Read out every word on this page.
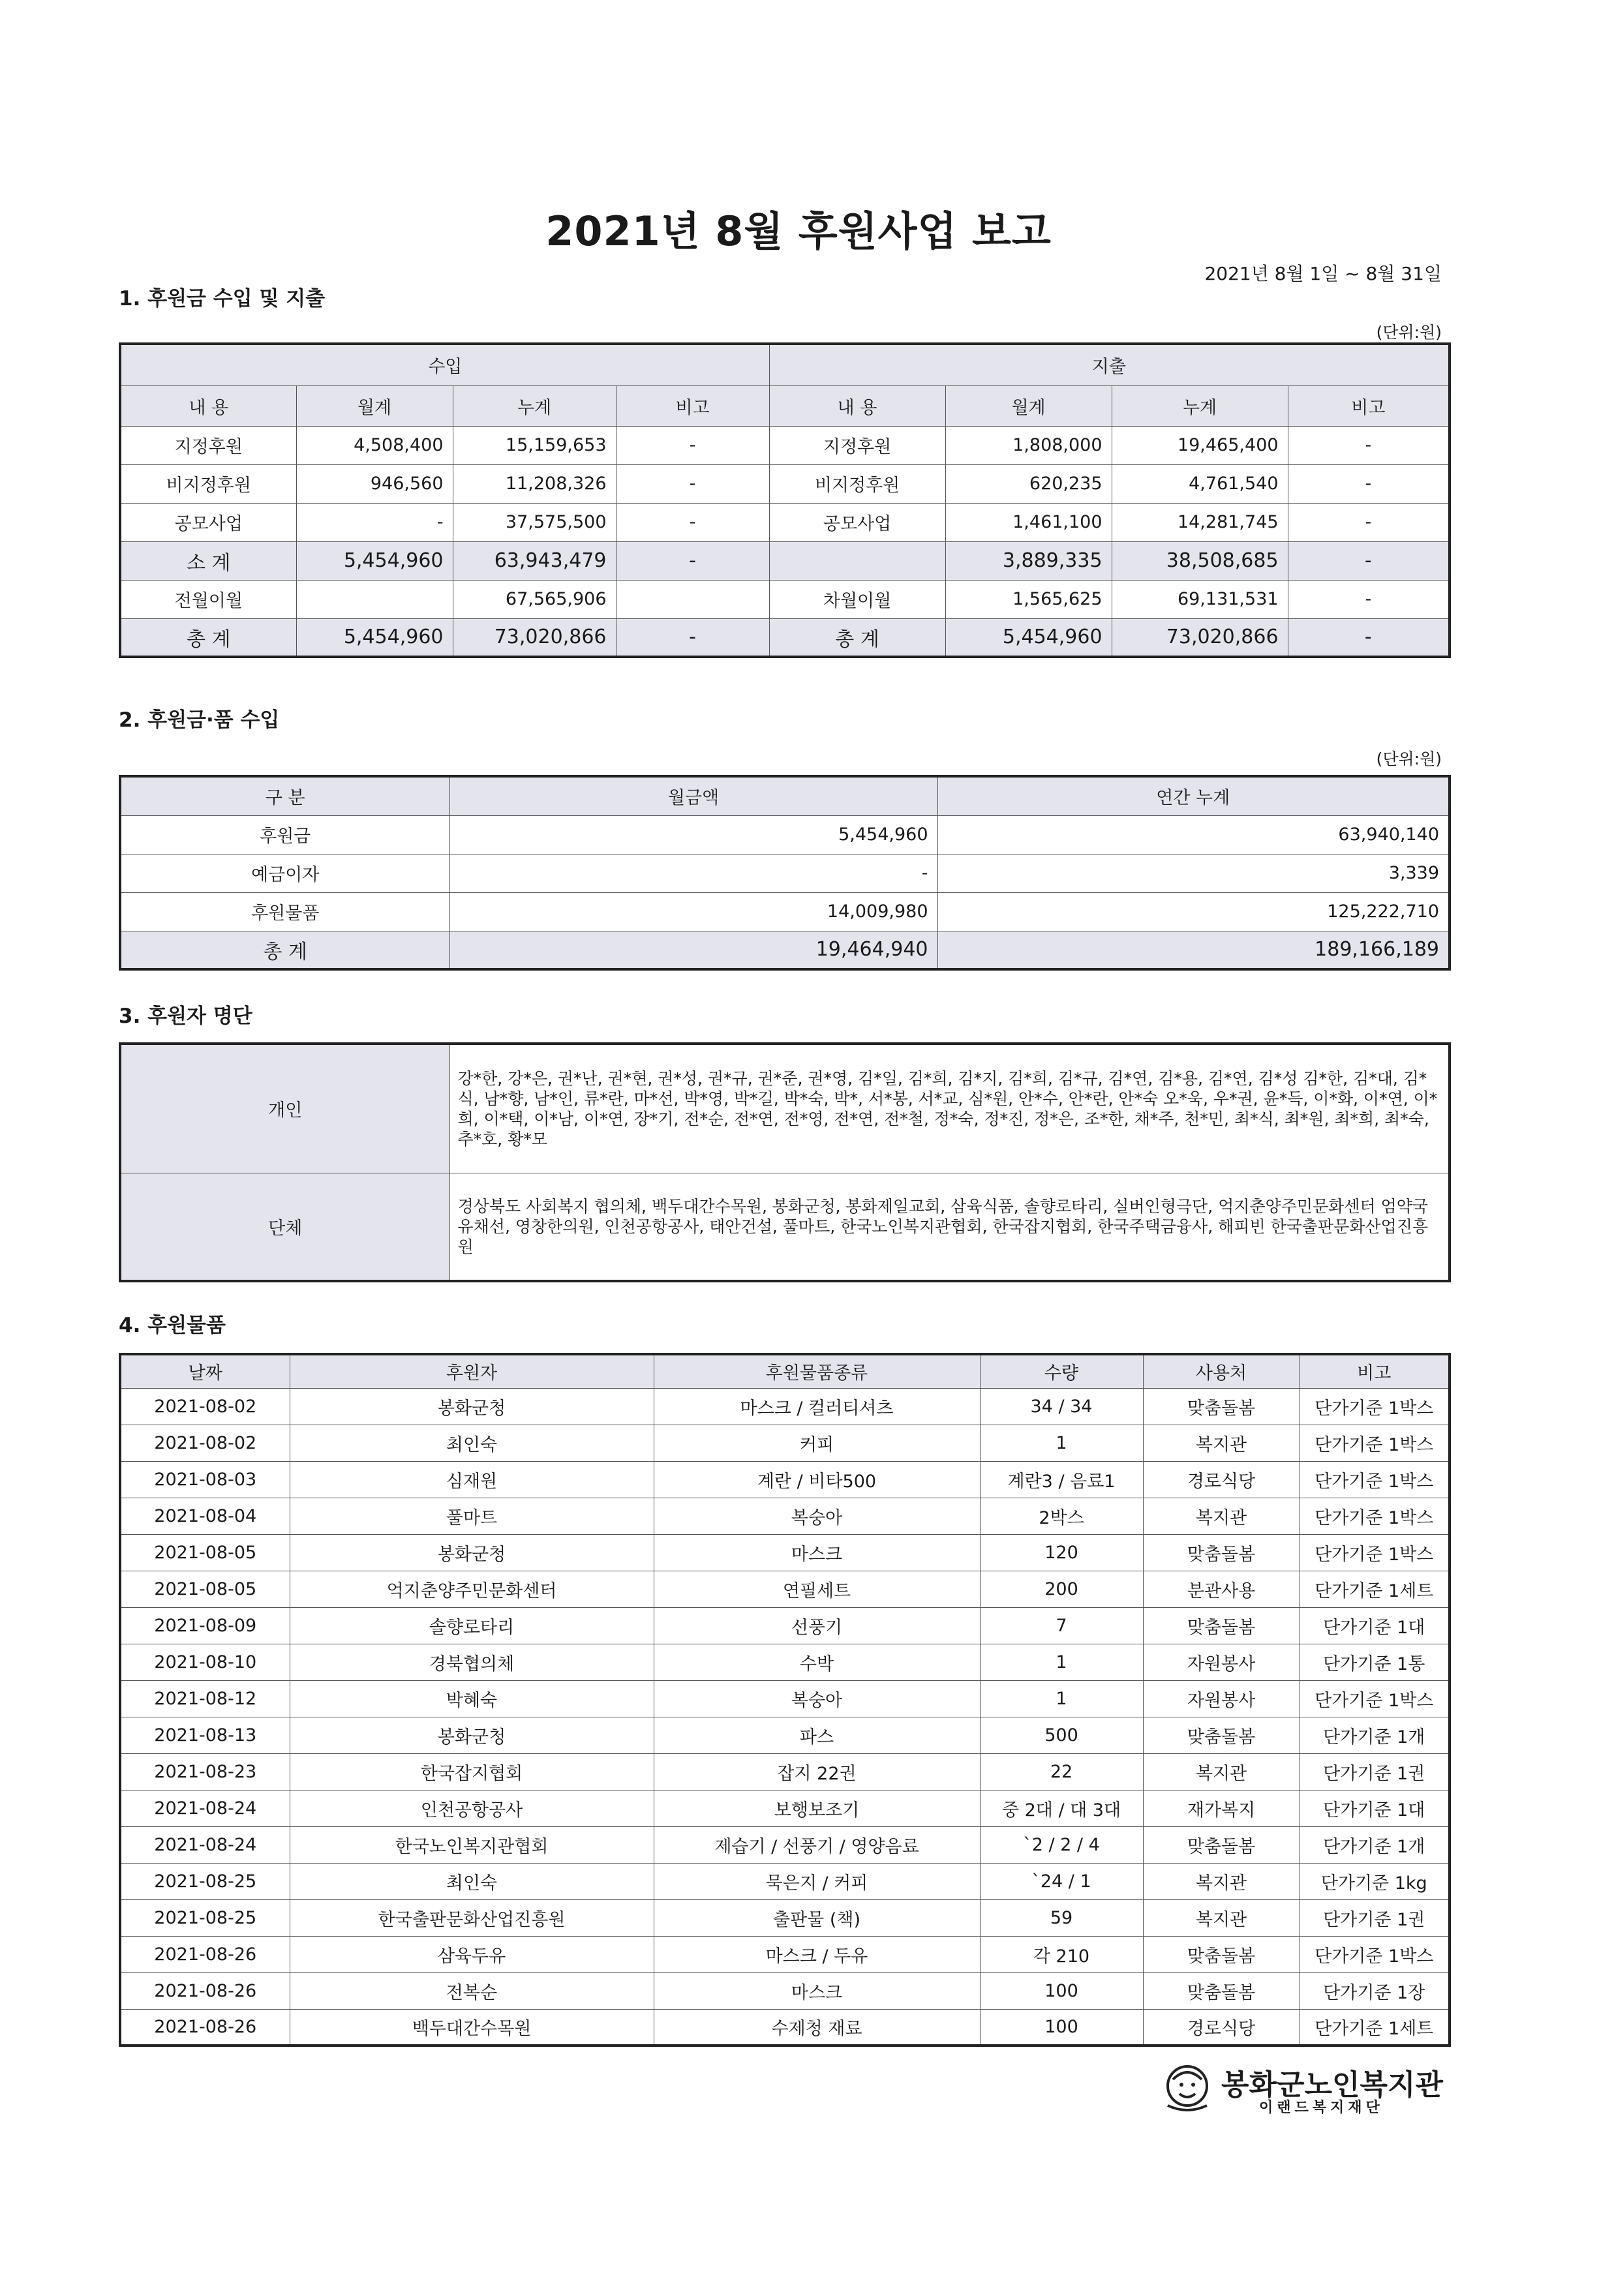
2021년 8월 후원사업 보고
2021년 8월 1일 ~ 8월 31일
1. 후원금 수입 및 지출
(단위:원)
수입				지출			
내 용	월계	누계	비고	내 용	월계	누계	비고
지정후원	4,508,400	15,159,653	-	지정후원	1,808,000	19,465,400	-
비지정후원	946,560	11,208,326	-	비지정후원	620,235	4,761,540	-
공모사업	-	37,575,500	-	공모사업	1,461,100	14,281,745	-
소 계	5,454,960	63,943,479	-		3,889,335	38,508,685	-
전월이월		67,565,906		차월이월	1,565,625	69,131,531	-
총 계	5,454,960	73,020,866	-	총 계	5,454,960	73,020,866	-
2. 후원금·품 수입
(단위:원)
구 분	월금액	연간 누계
후원금	5,454,960	63,940,140
예금이자	-	3,339
후원물품	14,009,980	125,222,710
총 계	19,464,940	189,166,189
3. 후원자 명단
개인	강*한, 강*은, 권*난, 권*현, 권*성, 권*규, 권*준, 권*영, 김*일, 김*희, 김*지, 김*희, 김*규, 김*연, 김*용, 김*연, 김*성 김*한, 김*대, 김*식, 남*향, 남*인, 류*란, 마*선, 박*영, 박*길, 박*숙, 박*, 서*봉, 서*교, 심*원, 안*수, 안*란, 안*숙 오*욱, 우*권, 윤*득, 이*화, 이*연, 이*희, 이*택, 이*남, 이*연, 장*기, 전*순, 전*연, 전*영, 전*연, 전*철, 정*숙, 정*진, 정*은, 조*한, 채*주, 천*민, 최*식, 최*원, 최*희, 최*숙, 추*호, 황*모
단체	경상북도 사회복지 협의체, 백두대간수목원, 봉화군청, 봉화제일교회, 삼육식품, 솔향로타리, 실버인형극단, 억지춘양주민문화센터 엄약국 유채선, 영창한의원, 인천공항공사, 태안건설, 풀마트, 한국노인복지관협회, 한국잡지협회, 한국주택금융사, 해피빈 한국출판문화산업진흥원
4. 후원물품
날짜	후원자	후원물품종류	수량	사용처	비고
2021-08-02	봉화군청	마스크 / 컬러티셔츠	34 / 34	맞춤돌봄	단가기준 1박스
2021-08-02	최인숙	커피	1	복지관	단가기준 1박스
2021-08-03	심재원	계란 / 비타500	계란3 / 음료1	경로식당	단가기준 1박스
2021-08-04	풀마트	복숭아	2박스	복지관	단가기준 1박스
2021-08-05	봉화군청	마스크	120	맞춤돌봄	단가기준 1박스
2021-08-05	억지춘양주민문화센터	연필세트	200	분관사용	단가기준 1세트
2021-08-09	솔향로타리	선풍기	7	맞춤돌봄	단가기준 1대
2021-08-10	경북협의체	수박	1	자원봉사	단가기준 1통
2021-08-12	박혜숙	복숭아	1	자원봉사	단가기준 1박스
2021-08-13	봉화군청	파스	500	맞춤돌봄	단가기준 1개
2021-08-23	한국잡지협회	잡지 22권	22	복지관	단가기준 1권
2021-08-24	인천공항공사	보행보조기	중 2대 / 대 3대	재가복지	단가기준 1대
2021-08-24	한국노인복지관협회	제습기 / 선풍기 / 영양음료	`2 / 2 / 4	맞춤돌봄	단가기준 1개
2021-08-25	최인숙	묵은지 / 커피	`24 / 1	복지관	단가기준 1kg
2021-08-25	한국출판문화산업진흥원	출판물 (책)	59	복지관	단가기준 1권
2021-08-26	삼육두유	마스크 / 두유	각 210	맞춤돌봄	단가기준 1박스
2021-08-26	전복순	마스크	100	맞춤돌봄	단가기준 1장
2021-08-26	백두대간수목원	수제청 재료	100	경로식당	단가기준 1세트
봉화군노인복지관
이랜드복지재단
